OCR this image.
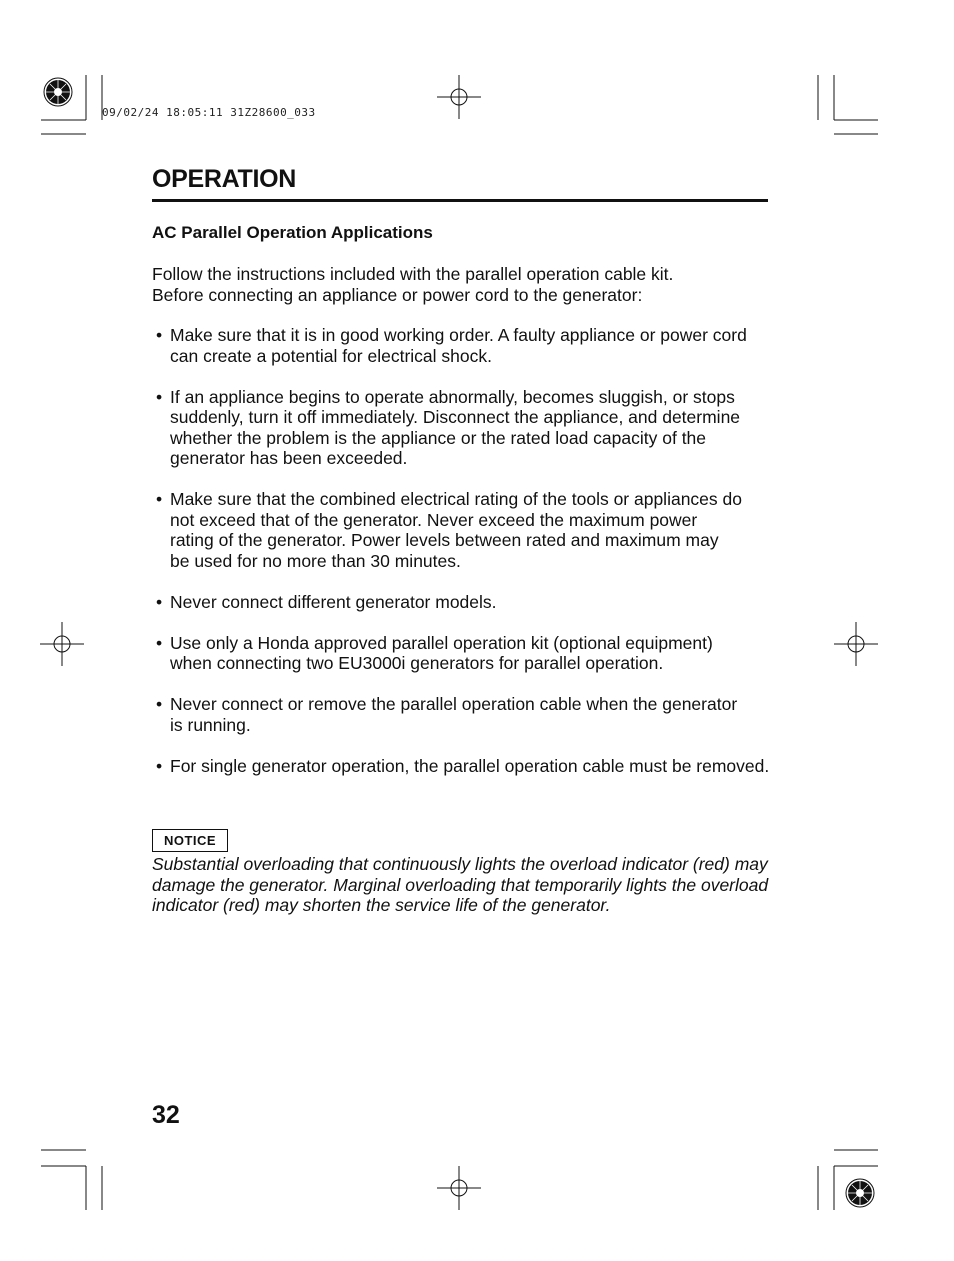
09/02/24 18:05:11 31Z28600_033
OPERATION
AC Parallel Operation Applications
Follow the instructions included with the parallel operation cable kit.
Before connecting an appliance or power cord to the generator:
• Make sure that it is in good working order. A faulty appliance or power cord can create a potential for electrical shock.
• If an appliance begins to operate abnormally, becomes sluggish, or stops suddenly, turn it off immediately. Disconnect the appliance, and determine whether the problem is the appliance or the rated load capacity of the generator has been exceeded.
• Make sure that the combined electrical rating of the tools or appliances do not exceed that of the generator. Never exceed the maximum power rating of the generator. Power levels between rated and maximum may be used for no more than 30 minutes.
• Never connect different generator models.
• Use only a Honda approved parallel operation kit (optional equipment) when connecting two EU3000i generators for parallel operation.
• Never connect or remove the parallel operation cable when the generator is running.
• For single generator operation, the parallel operation cable must be removed.
NOTICE
Substantial overloading that continuously lights the overload indicator (red) may damage the generator. Marginal overloading that temporarily lights the overload indicator (red) may shorten the service life of the generator.
32
